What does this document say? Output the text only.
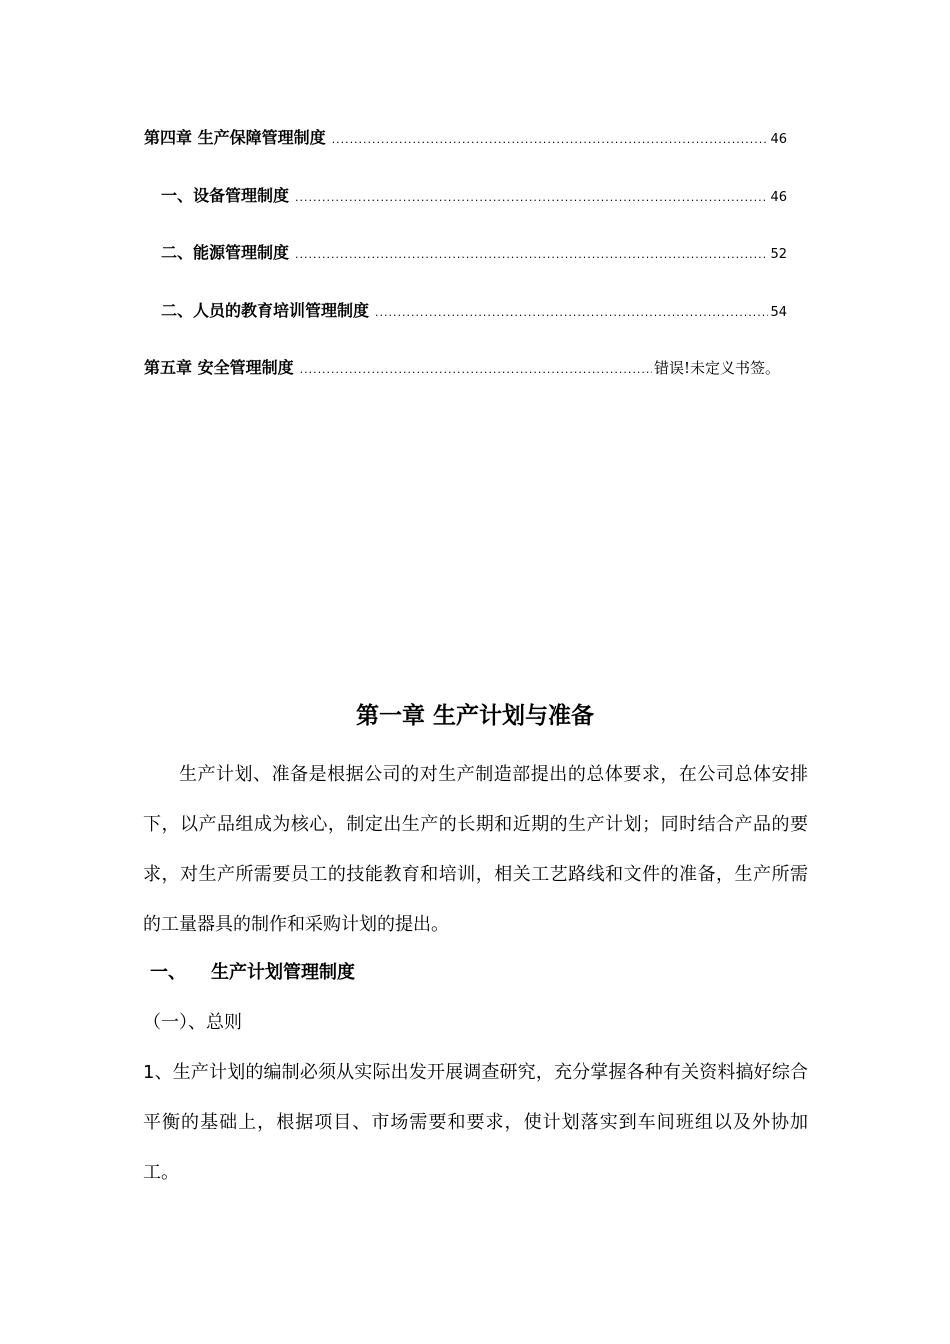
第四章 生产保障管理制度 .....	46
一、设备管理制度 .....	46
二、能源管理制度 .....	52
二、人员的教育培训管理制度 .....	54
第五章 安全管理制度 .....	错误!未定义书签。
第一章 生产计划与准备

生产计划、准备是根据公司的对生产制造部提出的总体要求，在公司总体安排下，以产品组成为核心，制定出生产的长期和近期的生产计划；同时结合产品的要求，对生产所需要员工的技能教育和培训，相关工艺路线和文件的准备，生产所需的工量器具的制作和采购计划的提出。

一、	生产计划管理制度
（一）、总则

1、生产计划的编制必须从实际出发开展调查研究，充分掌握各种有关资料搞好综合平衡的基础上，根据项目、市场需要和要求，使计划落实到车间班组以及外协加工。
